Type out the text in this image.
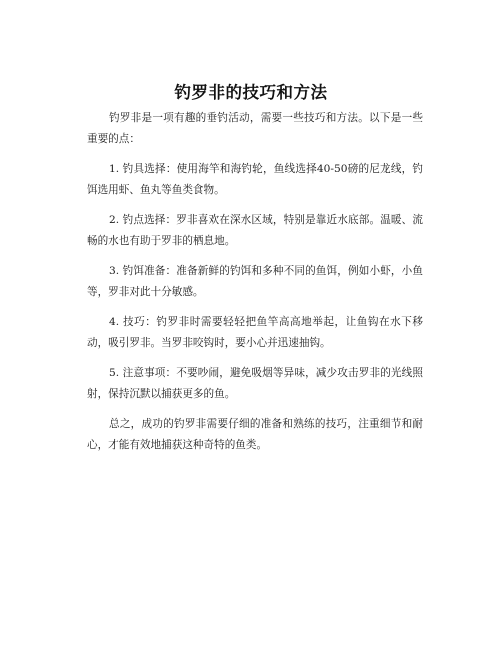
钓罗非的技巧和方法

钓罗非是一项有趣的垂钓活动，需要一些技巧和方法。以下是一些重要的点：

1. 钓具选择：使用海竿和海钓轮，鱼线选择40-50磅的尼龙线，钓饵选用虾、鱼丸等鱼类食物。

2. 钓点选择：罗非喜欢在深水区域，特别是靠近水底部。温暖、流畅的水也有助于罗非的栖息地。

3. 钓饵准备：准备新鲜的钓饵和多种不同的鱼饵，例如小虾，小鱼等，罗非对此十分敏感。

4. 技巧：钓罗非时需要轻轻把鱼竿高高地举起，让鱼钩在水下移动，吸引罗非。当罗非咬钩时，要小心并迅速抽钩。

5. 注意事项：不要吵闹，避免吸烟等异味，减少攻击罗非的光线照射，保持沉默以捕获更多的鱼。

总之，成功的钓罗非需要仔细的准备和熟练的技巧，注重细节和耐心，才能有效地捕获这种奇特的鱼类。
